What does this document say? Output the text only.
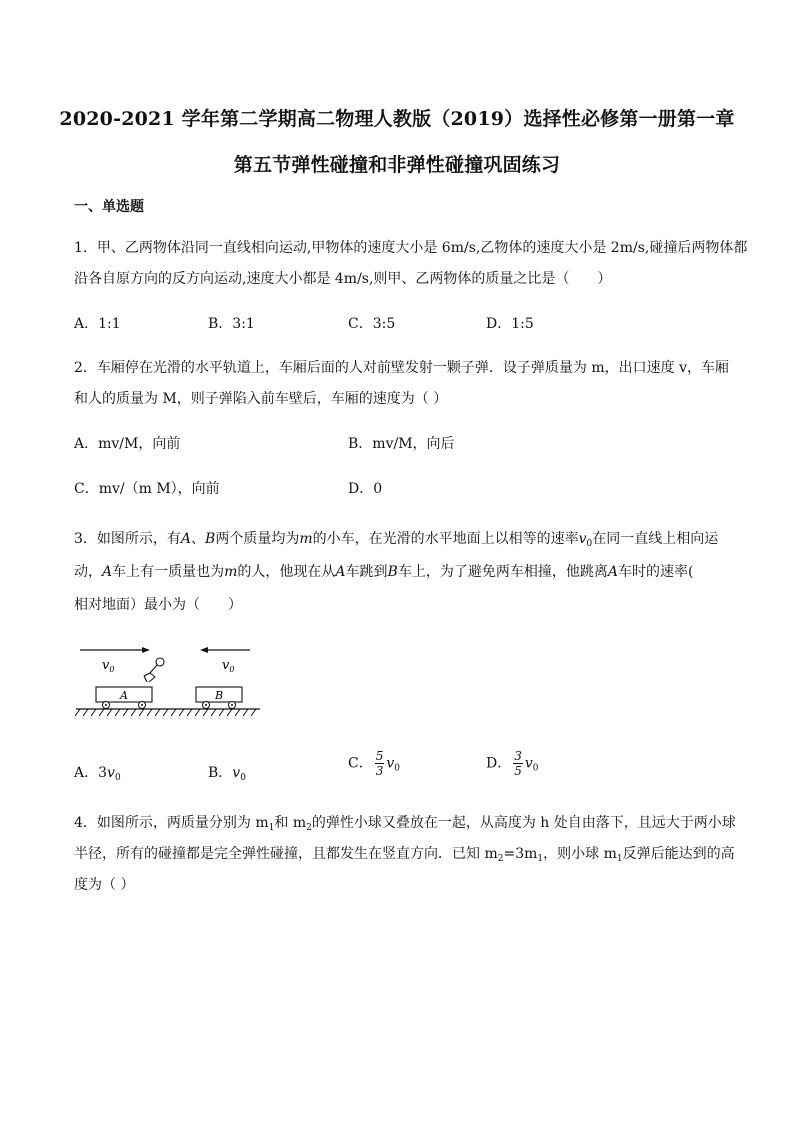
2020-2021 学年第二学期高二物理人教版（2019）选择性必修第一册第一章
第五节弹性碰撞和非弹性碰撞巩固练习
一、单选题
1．甲、乙两物体沿同一直线相向运动,甲物体的速度大小是 6m/s,乙物体的速度大小是 2m/s,碰撞后两物体都
沿各自原方向的反方向运动,速度大小都是 4m/s,则甲、乙两物体的质量之比是（　　）
A．1:1	B．3:1	C．3:5	D．1:5
2．车厢停在光滑的水平轨道上，车厢后面的人对前壁发射一颗子弹．设子弹质量为 m，出口速度 v，车厢
和人的质量为 M，则子弹陷入前车壁后，车厢的速度为（ ）
A．mv/M，向前	B．mv/M，向后
C．mv/（m M），向前	D．0
3．如图所示，有A、B两个质量均为m的小车，在光滑的水平地面上以相等的速率$v_0$在同一直线上相向运
动，A车上有一质量也为m的人，他现在从A车跳到B车上，为了避免两车相撞，他跳离A车时的速率(
相对地面）最小为（　　）
$v_0$	$v_0$
A	B
A．$3v_0$	B．$v_0$
C． $\frac{5}{3} v_0$	D． $\frac{3}{5} v_0$
4．如图所示，两质量分别为 $m_1$和 $m_2$的弹性小球又叠放在一起，从高度为 h 处自由落下，且远大于两小球
半径，所有的碰撞都是完全弹性碰撞，且都发生在竖直方向．已知 $m_2=3m_1$，则小球 $m_1$反弹后能达到的高
度为（ ）
